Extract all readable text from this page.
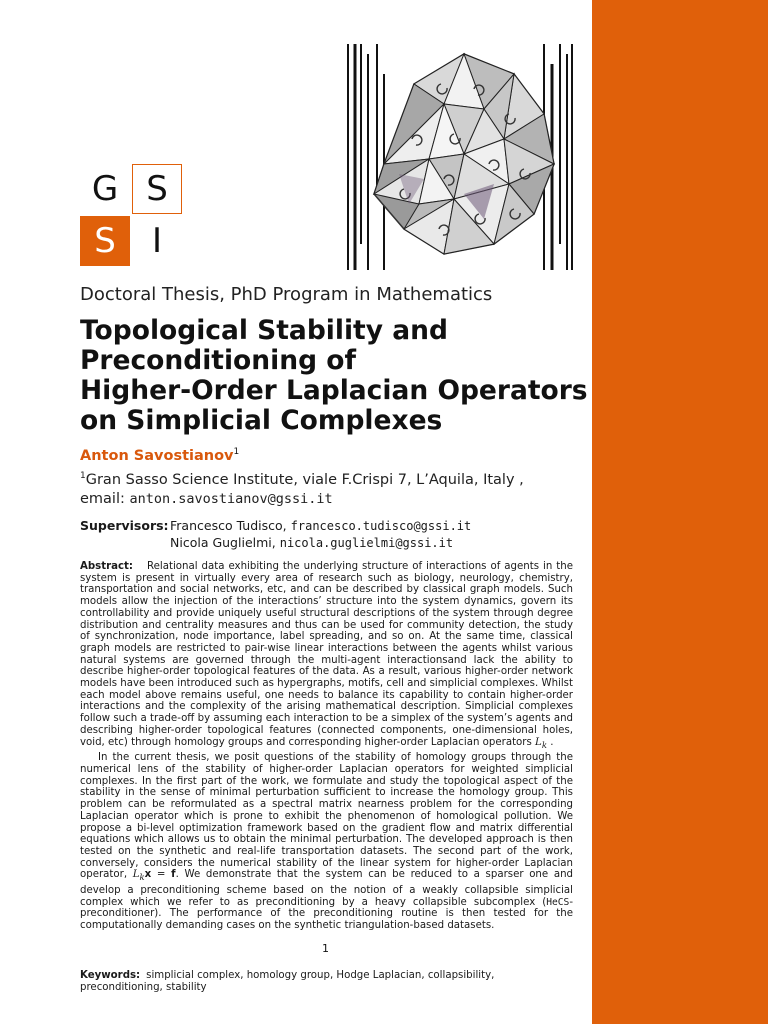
G S
S	I
Doctoral Thesis, PhD Program in Mathematics
Topological Stability and
Preconditioning of
Higher-Order Laplacian Operators
on Simplicial Complexes
Anton Savostianov$^1$
$^1$Gran Sasso Science Institute, viale F.Crispi 7, L’Aquila, Italy ,
email: anton.savostianov@gssi.it
Supervisors: Francesco Tudisco, francesco.tudisco@gssi.it
Nicola Guglielmi, nicola.guglielmi@gssi.it

Abstract: Relational data exhibiting the underlying structure of interactions of agents in the system is present in virtually every area of research such as biology, neurology, chemistry, transportation and social networks, etc, and can be described by classical graph models. Such models allow the injection of the interactions’ structure into the system dynamics, govern its controllability and provide uniquely useful structural descriptions of the system through degree distribution and centrality measures and thus can be used for community detection, the study of synchronization, node importance, label spreading, and so on. At the same time, classical graph models are restricted to pair-wise linear interactions between the agents whilst various natural systems are governed through the multi-agent interactionsand lack the ability to describe higher-order topological features of the data. As a result, various higher-order network models have been introduced such as hypergraphs, motifs, cell and simplicial complexes. Whilst each model above remains useful, one needs to balance its capability to contain higher-order interactions and the complexity of the arising mathematical description. Simplicial complexes follow such a trade-off by assuming each interaction to be a simplex of the system’s agents and describing higher-order topological features (connected components, one-dimensional holes, void, etc) through homology groups and corresponding higher-order Laplacian operators $L_k$ .

In the current thesis, we posit questions of the stability of homology groups through the numerical lens of the stability of higher-order Laplacian operators for weighted simplicial complexes. In the first part of the work, we formulate and study the topological aspect of the stability in the sense of minimal perturbation sufficient to increase the homology group. This problem can be reformulated as a spectral matrix nearness problem for the corresponding Laplacian operator which is prone to exhibit the phenomenon of homological pollution. We propose a bi-level optimization framework based on the gradient flow and matrix differential equations which allows us to obtain the minimal perturbation. The developed approach is then tested on the synthetic and real-life transportation datasets. The second part of the work, conversely, considers the numerical stability of the linear system for higher-order Laplacian operator, $L_kx = f$. We demonstrate that the system can be reduced to a sparser one and develop a preconditioning scheme based on the notion of a weakly collapsible simplicial complex which we refer to as preconditioning by a heavy collapsible subcomplex (HeCS-preconditioner). The performance of the preconditioning routine is then tested for the computationally demanding cases on the synthetic triangulation-based datasets.

1
Keywords: simplicial complex, homology group, Hodge Laplacian, collapsibility, preconditioning, stability
